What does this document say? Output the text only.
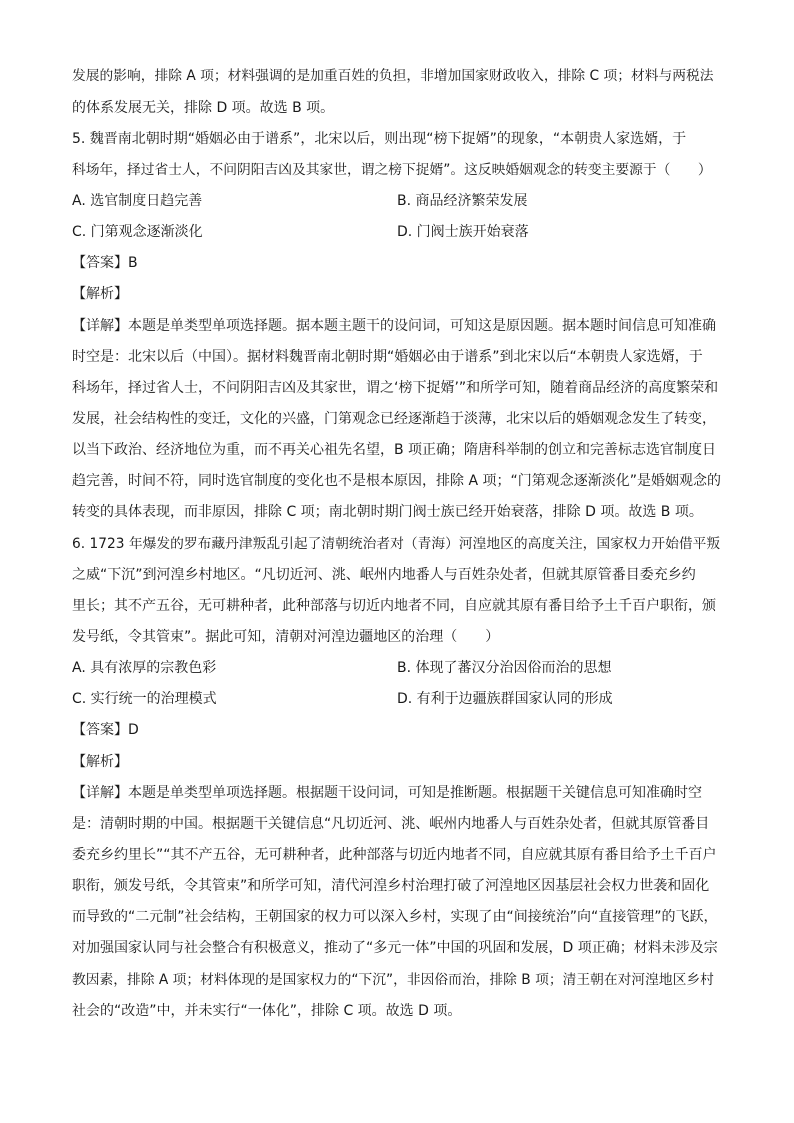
发展的影响，排除 A 项；材料强调的是加重百姓的负担，非增加国家财政收入，排除 C 项；材料与两税法
的体系发展无关，排除 D 项。故选 B 项。
5. 魏晋南北朝时期“婚姻必由于谱系”，北宋以后，则出现“榜下捉婿”的现象，“本朝贵人家选婿，于
科场年，择过省士人，不问阴阳吉凶及其家世，谓之榜下捉婿”。这反映婚姻观念的转变主要源于（　　）
A. 选官制度日趋完善	B. 商品经济繁荣发展
C. 门第观念逐渐淡化	D. 门阀士族开始衰落
【答案】B
【解析】
【详解】本题是单类型单项选择题。据本题主题干的设问词，可知这是原因题。据本题时间信息可知准确
时空是：北宋以后（中国）。据材料魏晋南北朝时期“婚姻必由于谱系”到北宋以后“本朝贵人家选婿，于
科场年，择过省人士，不问阴阳吉凶及其家世，谓之‘榜下捉婿’”和所学可知，随着商品经济的高度繁荣和
发展，社会结构性的变迁，文化的兴盛，门第观念已经逐渐趋于淡薄，北宋以后的婚姻观念发生了转变，
以当下政治、经济地位为重，而不再关心祖先名望，B 项正确；隋唐科举制的创立和完善标志选官制度日
趋完善，时间不符，同时选官制度的变化也不是根本原因，排除 A 项；“门第观念逐渐淡化”是婚姻观念的
转变的具体表现，而非原因，排除 C 项；南北朝时期门阀士族已经开始衰落，排除 D 项。故选 B 项。
6. 1723 年爆发的罗布藏丹津叛乱引起了清朝统治者对（青海）河湟地区的高度关注，国家权力开始借平叛
之威“下沉”到河湟乡村地区。“凡切近河、洮、岷州内地番人与百姓杂处者，但就其原管番目委充乡约
里长；其不产五谷，无可耕种者，此种部落与切近内地者不同，自应就其原有番目给予土千百户职衔，颁
发号纸，令其管束”。据此可知，清朝对河湟边疆地区的治理（　　）
A. 具有浓厚的宗教色彩	B. 体现了蕃汉分治因俗而治的思想
C. 实行统一的治理模式	D. 有利于边疆族群国家认同的形成
【答案】D
【解析】
【详解】本题是单类型单项选择题。根据题干设问词，可知是推断题。根据题干关键信息可知准确时空
是：清朝时期的中国。根据题干关键信息“凡切近河、洮、岷州内地番人与百姓杂处者，但就其原管番目
委充乡约里长”“其不产五谷，无可耕种者，此种部落与切近内地者不同，自应就其原有番目给予土千百户
职衔，颁发号纸，令其管束”和所学可知，清代河湟乡村治理打破了河湟地区因基层社会权力世袭和固化
而导致的“二元制”社会结构，王朝国家的权力可以深入乡村，实现了由“间接统治”向“直接管理”的飞跃，
对加强国家认同与社会整合有积极意义，推动了“多元一体”中国的巩固和发展，D 项正确；材料未涉及宗
教因素，排除 A 项；材料体现的是国家权力的“下沉”，非因俗而治，排除 B 项；清王朝在对河湟地区乡村
社会的“改造”中，并未实行“一体化”，排除 C 项。故选 D 项。
